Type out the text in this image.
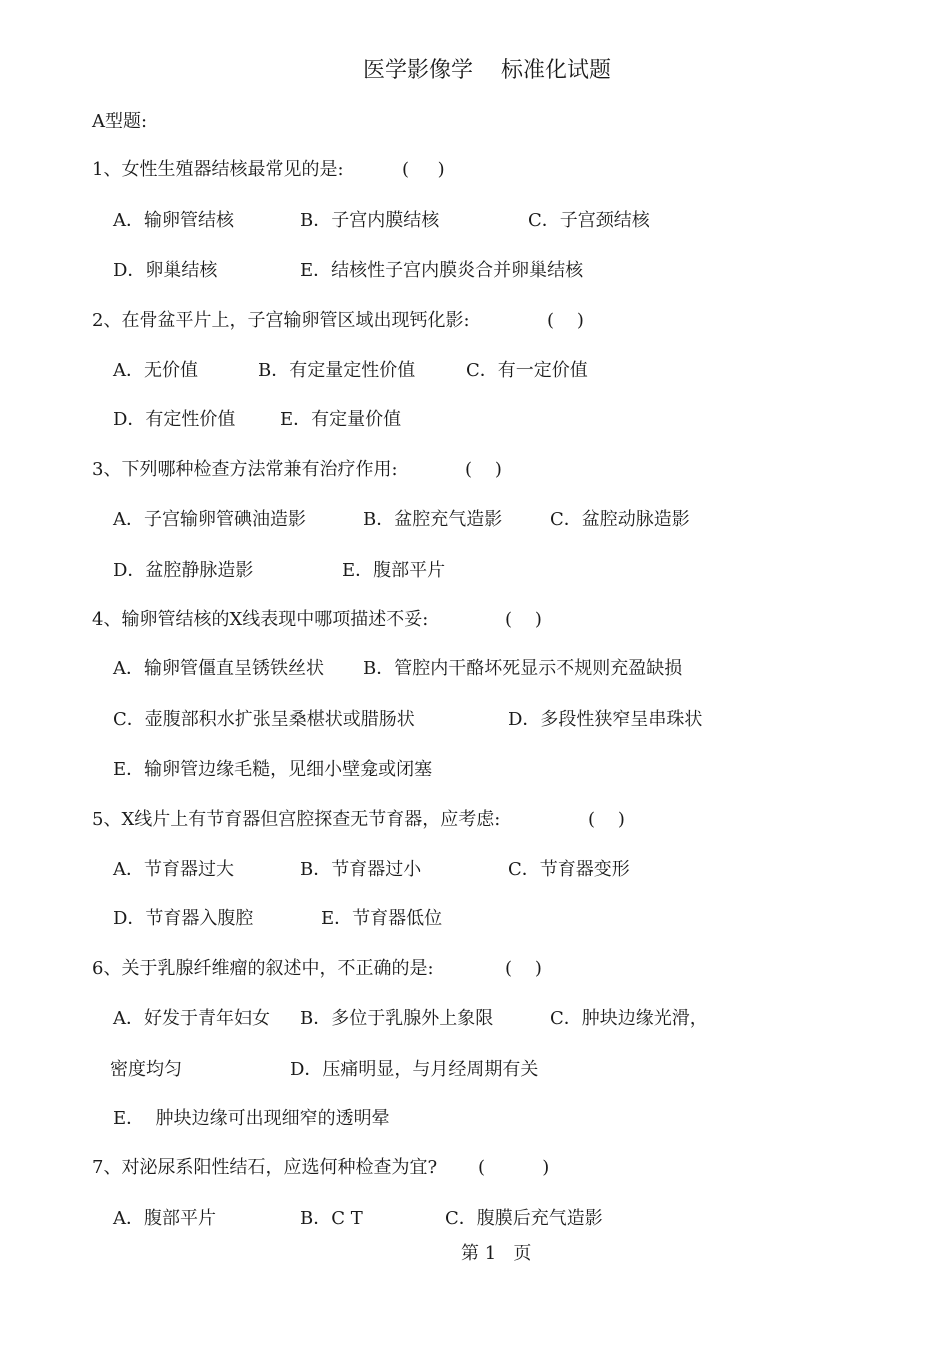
医学影像学    标准化试题
A型题:
1、女性生殖器结核最常见的是:	(     )
A．输卵管结核	B．子宫内膜结核	C．子宫颈结核
D．卵巢结核	E．结核性子宫内膜炎合并卵巢结核
2、在骨盆平片上，子宫输卵管区域出现钙化影:	(    )
A．无价值	B．有定量定性价值	C．有一定价值
D．有定性价值 E．有定量价值
3、下列哪种检查方法常兼有治疗作用:	(    )
A．子宫输卵管碘油造影	B．盆腔充气造影	C．盆腔动脉造影
D．盆腔静脉造影	E．腹部平片
4、输卵管结核的X线表现中哪项描述不妥:	(    )
A．输卵管僵直呈锈铁丝状 B．管腔内干酪坏死显示不规则充盈缺损
C．壶腹部积水扩张呈桑椹状或腊肠状	D．多段性狭窄呈串珠状
E．输卵管边缘毛糙，见细小壁龛或闭塞
5、X线片上有节育器但宫腔探查无节育器，应考虑:	(    )
A．节育器过大	B．节育器过小	C．节育器变形
D．节育器入腹腔	E．节育器低位
6、关于乳腺纤维瘤的叙述中，不正确的是:	(    )
A．好发于青年妇女 B．多位于乳腺外上象限	C．肿块边缘光滑，
密度均匀	D．压痛明显，与月经周期有关
E．  肿块边缘可出现细窄的透明晕
7、对泌尿系阳性结石，应选何种检查为宜? (          )
A．腹部平片	B．C T	C．腹膜后充气造影
第 1   页
